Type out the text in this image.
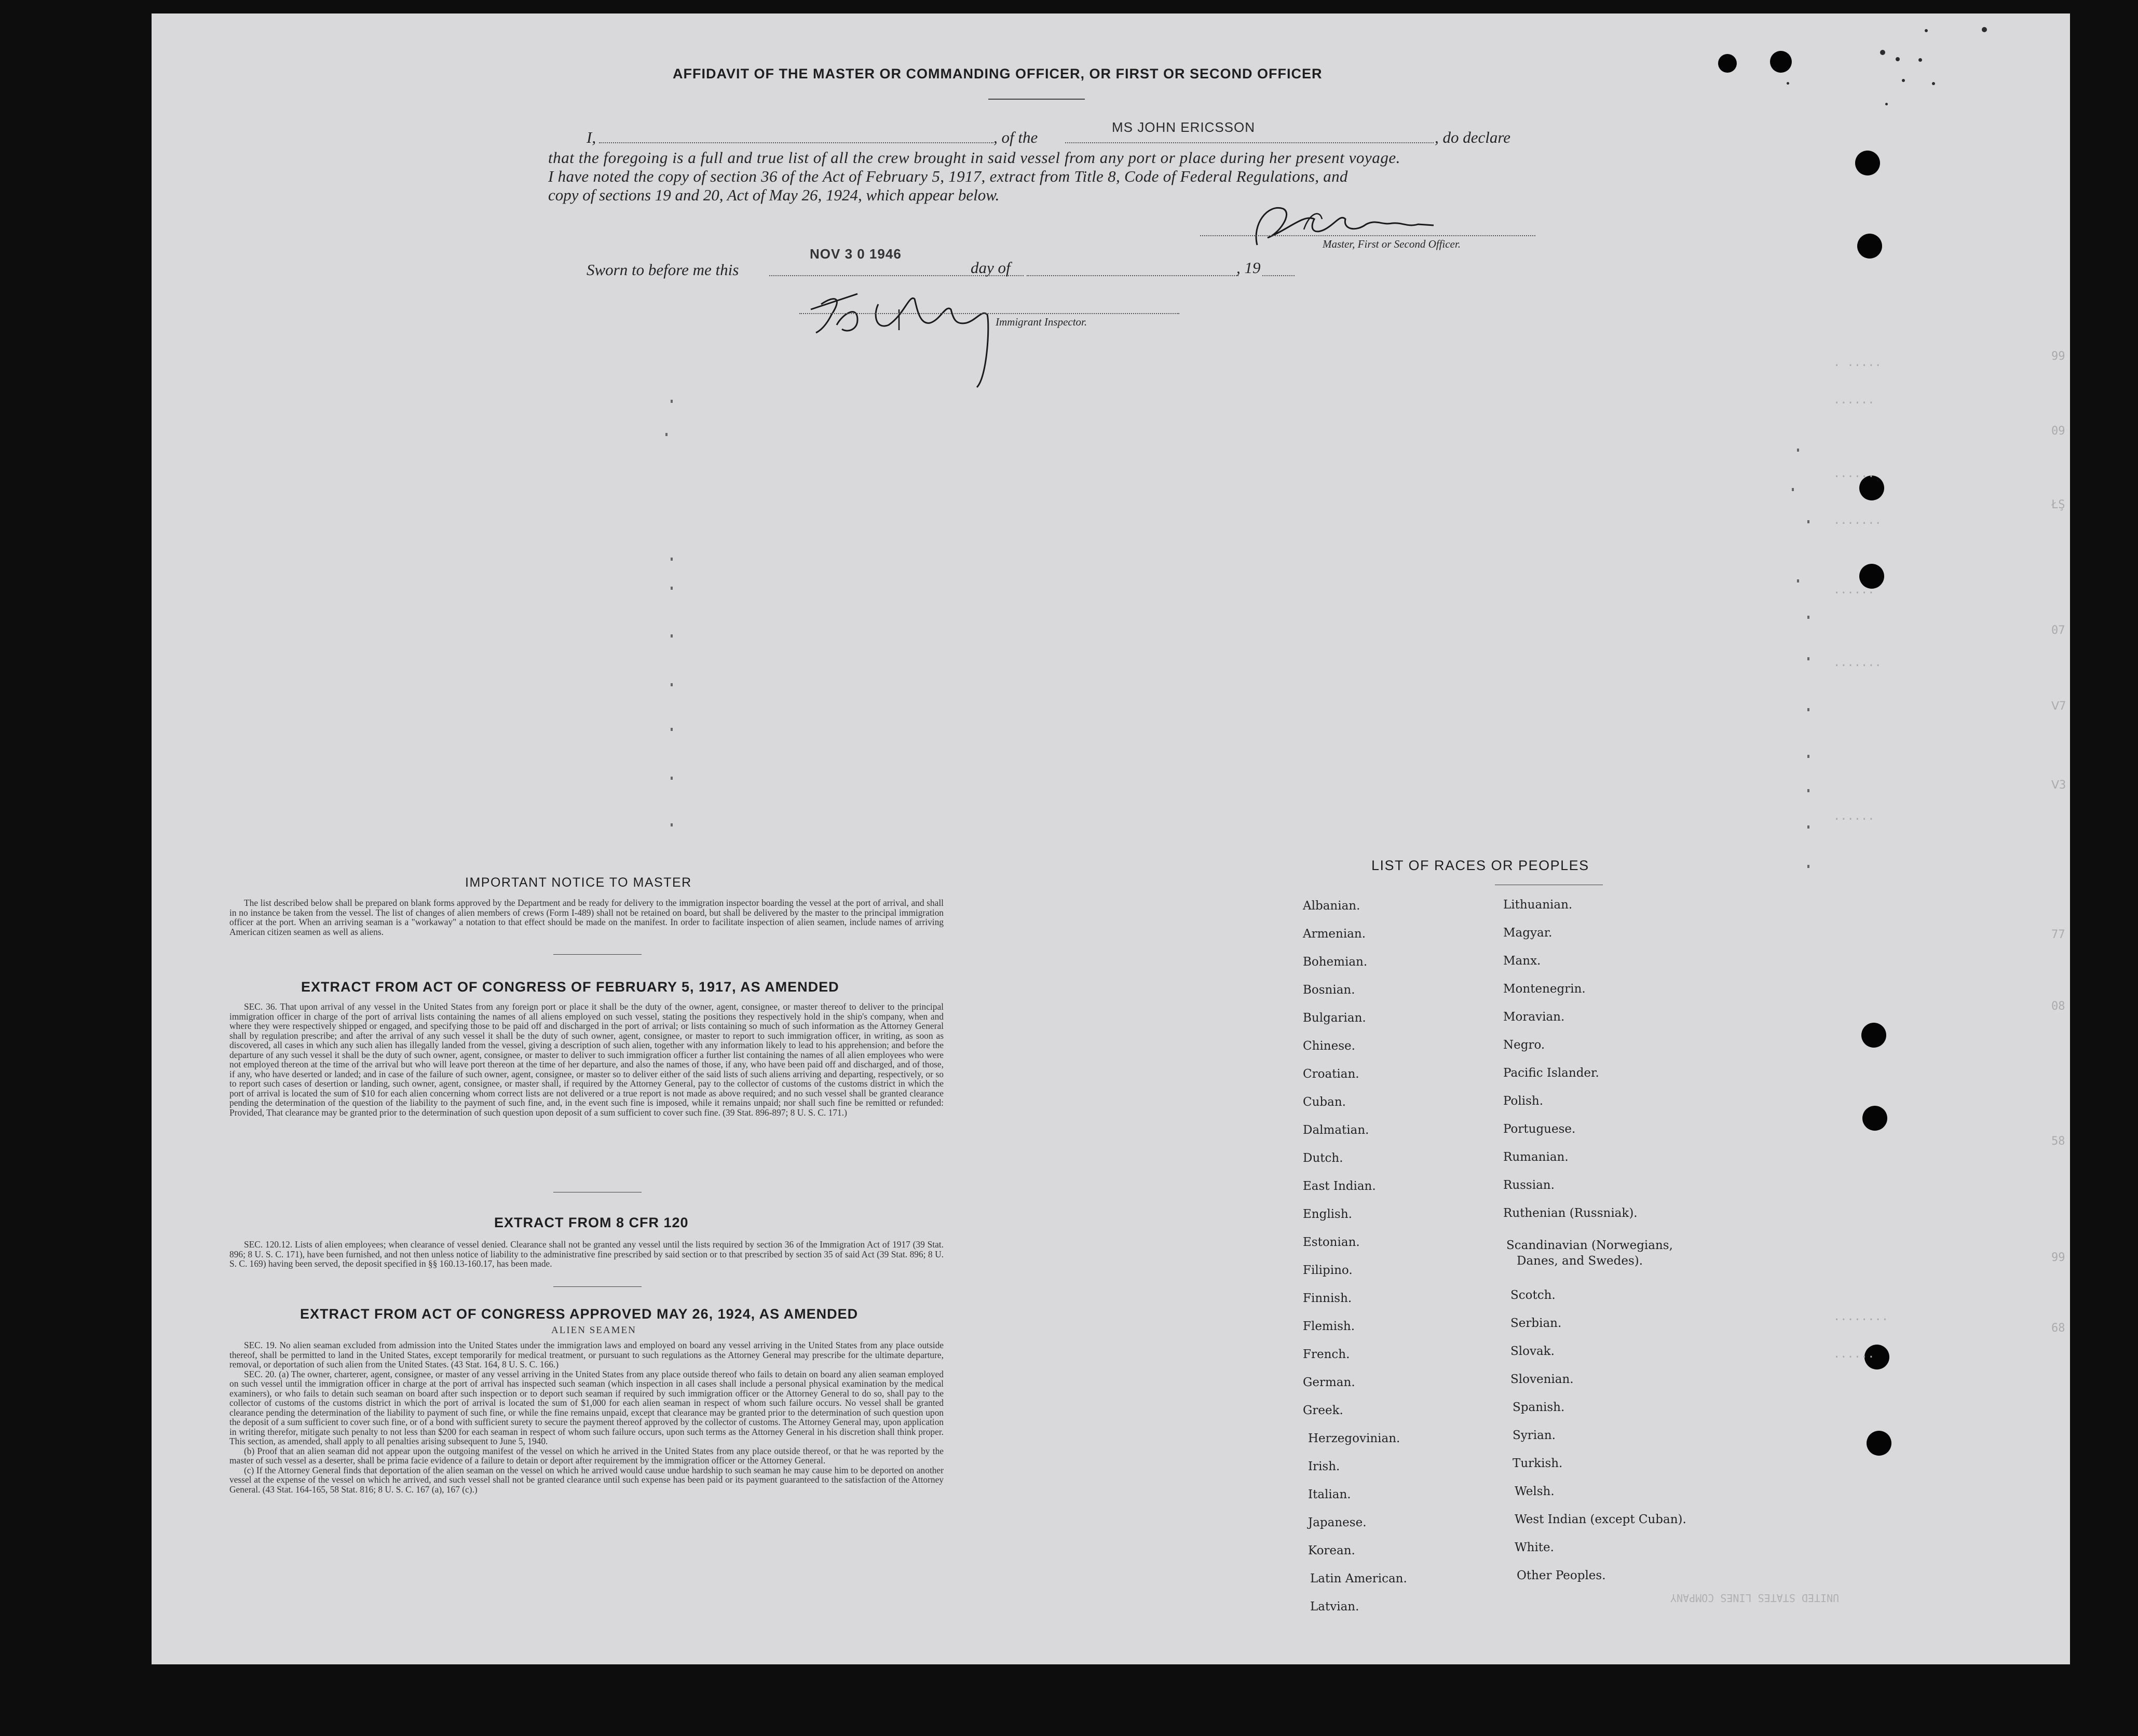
99
09
ŁŞ
07
ᐯ7
ᐯ3
77
08
58
99
68
· ·····
······
······
·······
······
·······
······
········
······
AFFIDAVIT OF THE MASTER OR COMMANDING OFFICER, OR FIRST OR SECOND OFFICER
I,	, of the
MS JOHN ERICSSON
, do declare
that the foregoing is a full and true list of all the crew brought in said vessel from any port or place during her present voyage.
I have noted the copy of section 36 of the Act of February 5, 1917, extract from Title 8, Code of Federal Regulations, and
copy of sections 19 and 20, Act of May 26, 1924, which appear below.
Master, First or Second Officer.
Sworn to before me this
NOV 3 0 1946
day of	, 19
Immigrant Inspector.
IMPORTANT NOTICE TO MASTER

The list described below shall be prepared on blank forms approved by the Department and be ready for delivery to the immigration inspector boarding the vessel at the port of arrival, and shall in no instance be taken from the vessel. The list of changes of alien members of crews (Form I-489) shall not be retained on board, but shall be delivered by the master to the principal immigration officer at the port. When an arriving seaman is a "workaway" a notation to that effect should be made on the manifest. In order to facilitate inspection of alien seamen, include names of arriving American citizen seamen as well as aliens.

EXTRACT FROM ACT OF CONGRESS OF FEBRUARY 5, 1917, AS AMENDED

SEC. 36. That upon arrival of any vessel in the United States from any foreign port or place it shall be the duty of the owner, agent, consignee, or master thereof to deliver to the principal immigration officer in charge of the port of arrival lists containing the names of all aliens employed on such vessel, stating the positions they respectively hold in the ship's company, when and where they were respectively shipped or engaged, and specifying those to be paid off and discharged in the port of arrival; or lists containing so much of such information as the Attorney General shall by regulation prescribe; and after the arrival of any such vessel it shall be the duty of such owner, agent, consignee, or master to report to such immigration officer, in writing, as soon as discovered, all cases in which any such alien has illegally landed from the vessel, giving a description of such alien, together with any information likely to lead to his apprehension; and before the departure of any such vessel it shall be the duty of such owner, agent, consignee, or master to deliver to such immigration officer a further list containing the names of all alien employees who were not employed thereon at the time of the arrival but who will leave port thereon at the time of her departure, and also the names of those, if any, who have been paid off and discharged, and of those, if any, who have deserted or landed; and in case of the failure of such owner, agent, consignee, or master so to deliver either of the said lists of such aliens arriving and departing, respectively, or so to report such cases of desertion or landing, such owner, agent, consignee, or master shall, if required by the Attorney General, pay to the collector of customs of the customs district in which the port of arrival is located the sum of $10 for each alien concerning whom correct lists are not delivered or a true report is not made as above required; and no such vessel shall be granted clearance pending the determination of the question of the liability to the payment of such fine, and, in the event such fine is imposed, while it remains unpaid; nor shall such fine be remitted or refunded: Provided, That clearance may be granted prior to the determination of such question upon deposit of a sum sufficient to cover such fine. (39 Stat. 896-897; 8 U. S. C. 171.)

EXTRACT FROM 8 CFR 120

SEC. 120.12. Lists of alien employees; when clearance of vessel denied. Clearance shall not be granted any vessel until the lists required by section 36 of the Immigration Act of 1917 (39 Stat. 896; 8 U. S. C. 171), have been furnished, and not then unless notice of liability to the administrative fine prescribed by said section or to that prescribed by section 35 of said Act (39 Stat. 896; 8 U. S. C. 169) having been served, the deposit specified in §§ 160.13-160.17, has been made.

EXTRACT FROM ACT OF CONGRESS APPROVED MAY 26, 1924, AS AMENDED
ALIEN SEAMEN

SEC. 19. No alien seaman excluded from admission into the United States under the immigration laws and employed on board any vessel arriving in the United States from any place outside thereof, shall be permitted to land in the United States, except temporarily for medical treatment, or pursuant to such regulations as the Attorney General may prescribe for the ultimate departure, removal, or deportation of such alien from the United States. (43 Stat. 164, 8 U. S. C. 166.)

SEC. 20. (a) The owner, charterer, agent, consignee, or master of any vessel arriving in the United States from any place outside thereof who fails to detain on board any alien seaman employed on such vessel until the immigration officer in charge at the port of arrival has inspected such seaman (which inspection in all cases shall include a personal physical examination by the medical examiners), or who fails to detain such seaman on board after such inspection or to deport such seaman if required by such immigration officer or the Attorney General to do so, shall pay to the collector of customs of the customs district in which the port of arrival is located the sum of $1,000 for each alien seaman in respect of whom such failure occurs. No vessel shall be granted clearance pending the determination of the liability to payment of such fine, or while the fine remains unpaid, except that clearance may be granted prior to the determination of such question upon the deposit of a sum sufficient to cover such fine, or of a bond with sufficient surety to secure the payment thereof approved by the collector of customs. The Attorney General may, upon application in writing therefor, mitigate such penalty to not less than $200 for each seaman in respect of whom such failure occurs, upon such terms as the Attorney General in his discretion shall think proper. This section, as amended, shall apply to all penalties arising subsequent to June 5, 1940.

(b) Proof that an alien seaman did not appear upon the outgoing manifest of the vessel on which he arrived in the United States from any place outside thereof, or that he was reported by the master of such vessel as a deserter, shall be prima facie evidence of a failure to detain or deport after requirement by the immigration officer or the Attorney General.

(c) If the Attorney General finds that deportation of the alien seaman on the vessel on which he arrived would cause undue hardship to such seaman he may cause him to be deported on another vessel at the expense of the vessel on which he arrived, and such vessel shall not be granted clearance until such expense has been paid or its payment guaranteed to the satisfaction of the Attorney General. (43 Stat. 164-165, 58 Stat. 816; 8 U. S. C. 167 (a), 167 (c).)

LIST OF RACES OR PEOPLES
Albanian.
Armenian.
Bohemian.
Bosnian.
Bulgarian.
Chinese.
Croatian.
Cuban.
Dalmatian.
Dutch.
East Indian.
English.
Estonian.
Filipino.
Finnish.
Flemish.
French.
German.
Greek.
Herzegovinian.
Irish.
Italian.
Japanese.
Korean.
Latin American.
Latvian.
Lithuanian.
Magyar.
Manx.
Montenegrin.
Moravian.
Negro.
Pacific Islander.
Polish.
Portuguese.
Rumanian.
Russian.
Ruthenian (Russniak).
Scandinavian (Norwegians,
Danes, and Swedes).
Scotch.
Serbian.
Slovak.
Slovenian.
Spanish.
Syrian.
Turkish.
Welsh.
West Indian (except Cuban).
White.
Other Peoples.
UNITED STATES LINES COMPANY
